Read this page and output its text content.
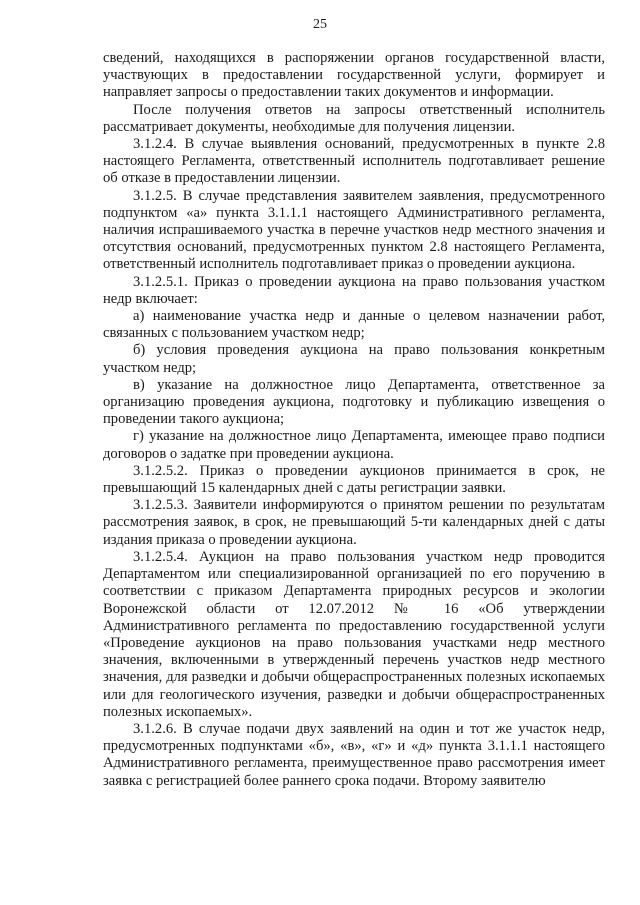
25

сведений, находящихся в распоряжении органов государственной власти, участвующих в предоставлении государственной услуги, формирует и направляет запросы о предоставлении таких документов и информации.

После получения ответов на запросы ответственный исполнитель рассматривает документы, необходимые для получения лицензии.

3.1.2.4. В случае выявления оснований, предусмотренных в пункте 2.8 настоящего Регламента, ответственный исполнитель подготавливает решение об отказе в предоставлении лицензии.

3.1.2.5. В случае представления заявителем заявления, предусмотренного подпунктом «а» пункта 3.1.1.1 настоящего Административного регламента, наличия испрашиваемого участка в перечне участков недр местного значения и отсутствия оснований, предусмотренных пунктом 2.8 настоящего Регламента, ответственный исполнитель подготавливает приказ о проведении аукциона.

3.1.2.5.1. Приказ о проведении аукциона на право пользования участком недр включает:

а) наименование участка недр и данные о целевом назначении работ, связанных с пользованием участком недр;

б) условия проведения аукциона на право пользования конкретным участком недр;

в) указание на должностное лицо Департамента, ответственное за организацию проведения аукциона, подготовку и публикацию извещения о проведении такого аукциона;

г) указание на должностное лицо Департамента, имеющее право подписи договоров о задатке при проведении аукциона.

3.1.2.5.2. Приказ о проведении аукционов принимается в срок, не превышающий 15 календарных дней с даты регистрации заявки.

3.1.2.5.3. Заявители информируются о принятом решении по результатам рассмотрения заявок, в срок, не превышающий 5-ти календарных дней с даты издания приказа о проведении аукциона.

3.1.2.5.4. Аукцион на право пользования участком недр проводится Департаментом или специализированной организацией по его поручению в соответствии с приказом Департамента природных ресурсов и экологии Воронежской области от 12.07.2012 № 16 «Об утверждении Административного регламента по предоставлению государственной услуги «Проведение аукционов на право пользования участками недр местного значения, включенными в утвержденный перечень участков недр местного значения, для разведки и добычи общераспространенных полезных ископаемых или для геологического изучения, разведки и добычи общераспространенных полезных ископаемых».

3.1.2.6. В случае подачи двух заявлений на один и тот же участок недр, предусмотренных подпунктами «б», «в», «г» и «д» пункта 3.1.1.1 настоящего Административного регламента, преимущественное право рассмотрения имеет заявка с регистрацией более раннего срока подачи. Второму заявителю
